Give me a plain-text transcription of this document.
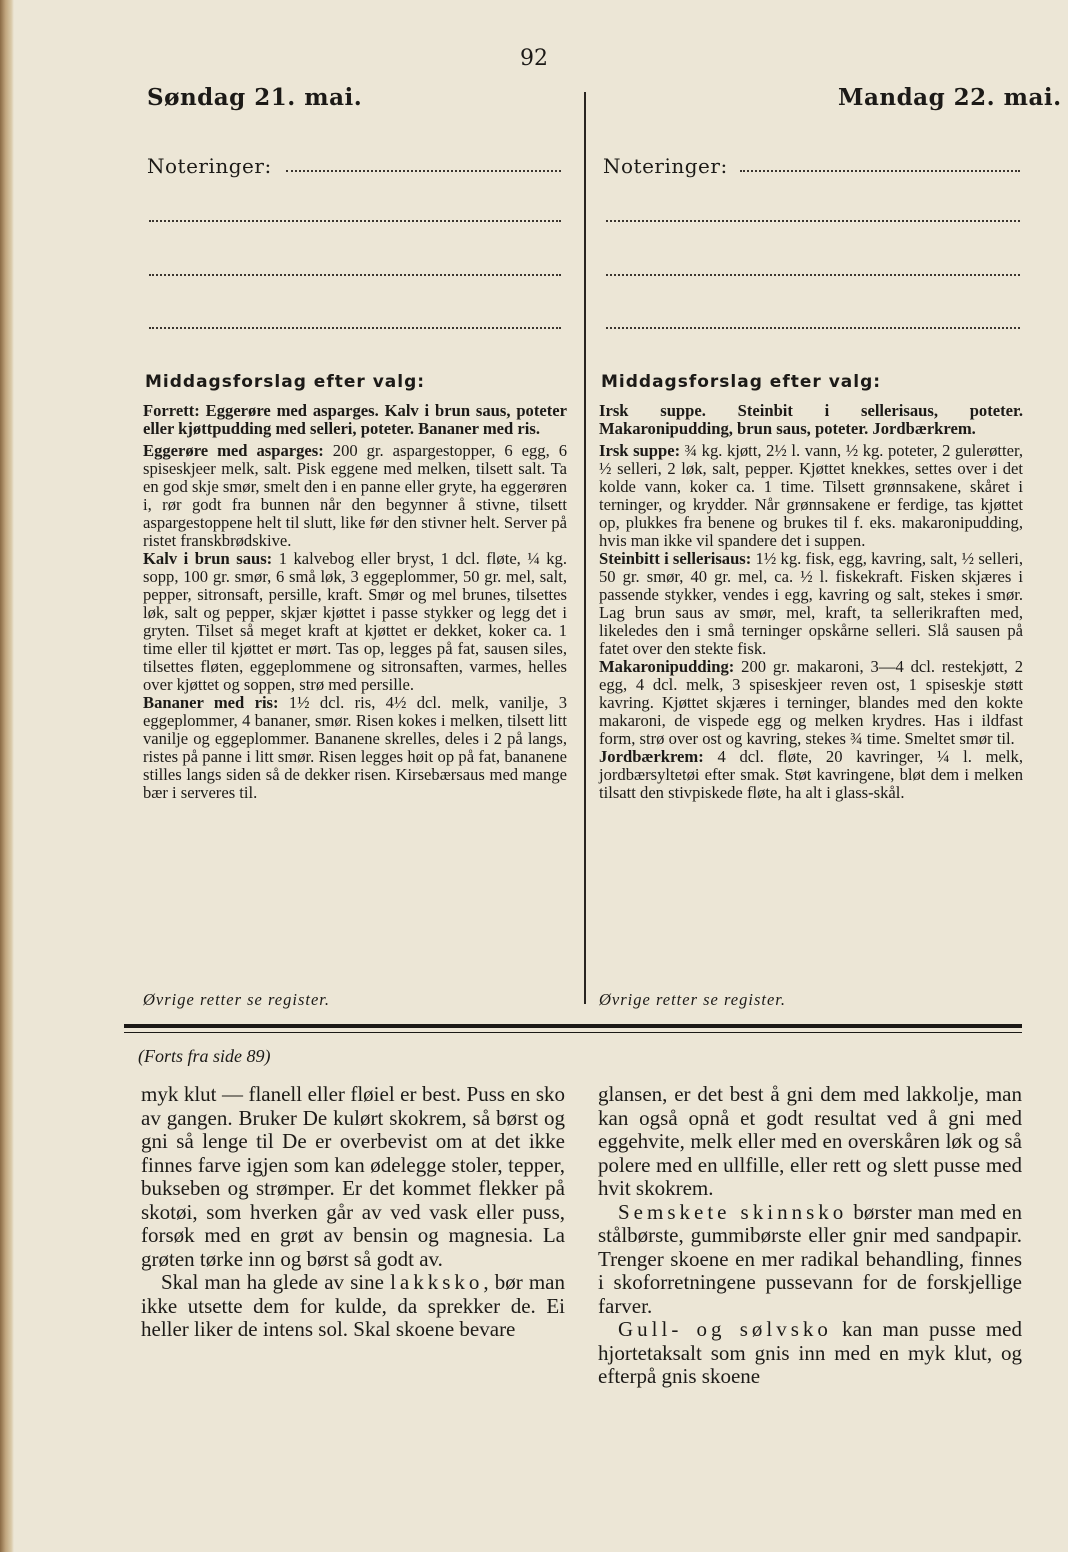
92
Søndag 21. mai.	Mandag 22. mai.
Noteringer:	Noteringer:
Middagsforslag efter valg:

Forrett: Eggerøre med asparges. Kalv i brun saus, poteter eller kjøttpudding med selleri, poteter. Bananer med ris.

Eggerøre med asparges: 200 gr. aspargestopper, 6 egg, 6 spiseskjeer melk, salt. Pisk eggene med melken, tilsett salt. Ta en god skje smør, smelt den i en panne eller gryte, ha eggerøren i, rør godt fra bunnen når den begynner å stivne, tilsett aspargestoppene helt til slutt, like før den stivner helt. Server på ristet franskbrødskive.

Kalv i brun saus: 1 kalvebog eller bryst, 1 dcl. fløte, ¼ kg. sopp, 100 gr. smør, 6 små løk, 3 eggeplommer, 50 gr. mel, salt, pepper, sitronsaft, persille, kraft. Smør og mel brunes, tilsettes løk, salt og pepper, skjær kjøttet i passe stykker og legg det i gryten. Tilset så meget kraft at kjøttet er dekket, koker ca. 1 time eller til kjøttet er mørt. Tas op, legges på fat, sausen siles, tilsettes fløten, eggeplommene og sitronsaften, varmes, helles over kjøttet og soppen, strø med persille.

Bananer med ris: 1½ dcl. ris, 4½ dcl. melk, vanilje, 3 eggeplommer, 4 bananer, smør. Risen kokes i melken, tilsett litt vanilje og eggeplommer. Bananene skrelles, deles i 2 på langs, ristes på panne i litt smør. Risen legges høit op på fat, bananene stilles langs siden så de dekker risen. Kirsebærsaus med mange bær i serveres til.

Øvrige retter se register.
Middagsforslag efter valg:

Irsk suppe. Steinbit i sellerisaus, poteter. Makaronipudding, brun saus, poteter. Jordbærkrem.

Irsk suppe: ¾ kg. kjøtt, 2½ l. vann, ½ kg. poteter, 2 gulerøtter, ½ selleri, 2 løk, salt, pepper. Kjøttet knekkes, settes over i det kolde vann, koker ca. 1 time. Tilsett grønnsakene, skåret i terninger, og krydder. Når grønnsakene er ferdige, tas kjøttet op, plukkes fra benene og brukes til f. eks. makaronipudding, hvis man ikke vil spandere det i suppen.

Steinbitt i sellerisaus: 1½ kg. fisk, egg, kavring, salt, ½ selleri, 50 gr. smør, 40 gr. mel, ca. ½ l. fiskekraft. Fisken skjæres i passende stykker, vendes i egg, kavring og salt, stekes i smør. Lag brun saus av smør, mel, kraft, ta sellerikraften med, likeledes den i små terninger opskårne selleri. Slå sausen på fatet over den stekte fisk.

Makaronipudding: 200 gr. makaroni, 3—4 dcl. restekjøtt, 2 egg, 4 dcl. melk, 3 spiseskjeer reven ost, 1 spiseskje støtt kavring. Kjøttet skjæres i terninger, blandes med den kokte makaroni, de vispede egg og melken krydres. Has i ildfast form, strø over ost og kavring, stekes ¾ time. Smeltet smør til.

Jordbærkrem: 4 dcl. fløte, 20 kavringer, ¼ l. melk, jordbærsyltetøi efter smak. Støt kavringene, bløt dem i melken tilsatt den stivpiskede fløte, ha alt i glass-skål.

Øvrige retter se register.
(Forts fra side 89)

myk klut — flanell eller fløiel er best. Puss en sko av gangen. Bruker De kulørt skokrem, så børst og gni så lenge til De er overbevist om at det ikke finnes farve igjen som kan ødelegge stoler, tepper, bukseben og strømper. Er det kommet flekker på skotøi, som hverken går av ved vask eller puss, forsøk med en grøt av bensin og magnesia. La grøten tørke inn og børst så godt av.

Skal man ha glede av sine lakksko, bør man ikke utsette dem for kulde, da sprekker de. Ei heller liker de intens sol. Skal skoene bevare

glansen, er det best å gni dem med lakkolje, man kan også opnå et godt resultat ved å gni med eggehvite, melk eller med en overskåren løk og så polere med en ullfille, eller rett og slett pusse med hvit skokrem.

Semskete skinnsko børster man med en stålbørste, gummibørste eller gnir med sandpapir. Trenger skoene en mer radikal behandling, finnes i skoforretningene pussevann for de forskjellige farver.

Gull- og sølvsko kan man pusse med hjortetaksalt som gnis inn med en myk klut, og efterpå gnis skoene
